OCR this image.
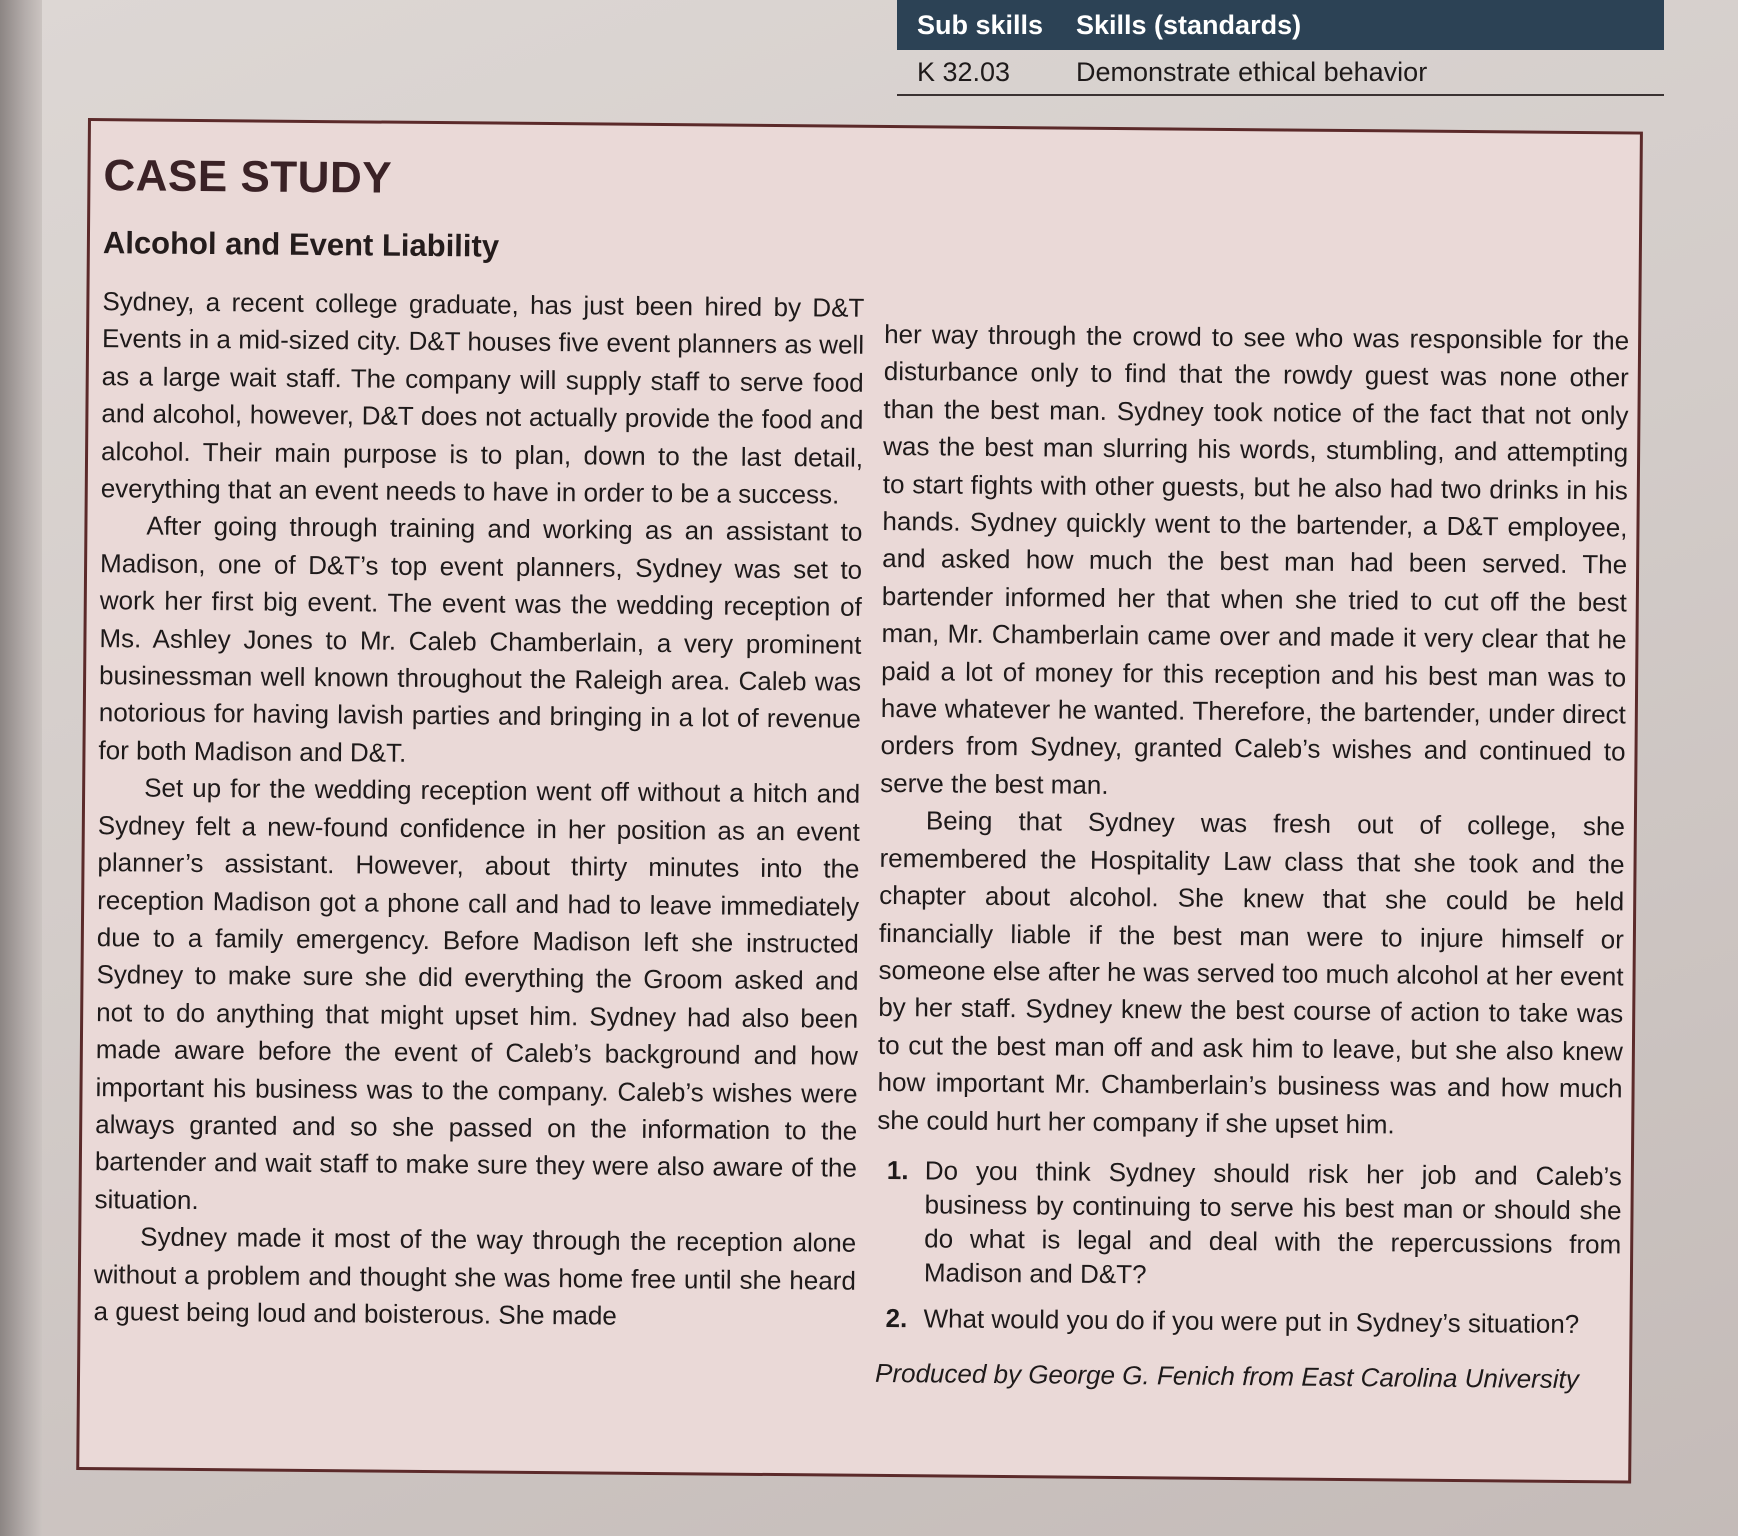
Sub skills	Skills (standards)
K 32.03	Demonstrate ethical behavior
CASE STUDY
Alcohol and Event Liability

Sydney, a recent college graduate, has just been hired by D&T Events in a mid-sized city. D&T houses five event planners as well as a large wait staff. The company will supply staff to serve food and alcohol, however, D&T does not actually provide the food and alcohol. Their main purpose is to plan, down to the last detail, everything that an event needs to have in order to be a success.

After going through training and working as an assistant to Madison, one of D&T’s top event planners, Sydney was set to work her first big event. The event was the wedding reception of Ms. Ashley Jones to Mr. Caleb Chamberlain, a very prominent businessman well known throughout the Raleigh area. Caleb was notorious for having lavish parties and bringing in a lot of revenue for both Madison and D&T.

Set up for the wedding reception went off without a hitch and Sydney felt a new-found confidence in her position as an event planner’s assistant. However, about thirty minutes into the reception Madison got a phone call and had to leave immediately due to a family emergency. Before Madison left she instructed Sydney to make sure she did everything the Groom asked and not to do anything that might upset him. Sydney had also been made aware before the event of Caleb’s background and how important his business was to the company. Caleb’s wishes were always granted and so she passed on the information to the bartender and wait staff to make sure they were also aware of the situation.

Sydney made it most of the way through the reception alone without a problem and thought she was home free until she heard a guest being loud and boisterous. She made

her way through the crowd to see who was responsible for the disturbance only to find that the rowdy guest was none other than the best man. Sydney took notice of the fact that not only was the best man slurring his words, stumbling, and attempting to start fights with other guests, but he also had two drinks in his hands. Sydney quickly went to the bartender, a D&T employee, and asked how much the best man had been served. The bartender informed her that when she tried to cut off the best man, Mr. Chamberlain came over and made it very clear that he paid a lot of money for this reception and his best man was to have whatever he wanted. Therefore, the bartender, under direct orders from Sydney, granted Caleb’s wishes and continued to serve the best man.

Being that Sydney was fresh out of college, she remembered the Hospitality Law class that she took and the chapter about alcohol. She knew that she could be held financially liable if the best man were to injure himself or someone else after he was served too much alcohol at her event by her staff. Sydney knew the best course of action to take was to cut the best man off and ask him to leave, but she also knew how important Mr. Chamberlain’s business was and how much she could hurt her company if she upset him.

1. Do you think Sydney should risk her job and Caleb’s business by continuing to serve his best man or should she do what is legal and deal with the repercussions from Madison and D&T?
2. What would you do if you were put in Sydney’s situation?
Produced by George G. Fenich from East Carolina University
